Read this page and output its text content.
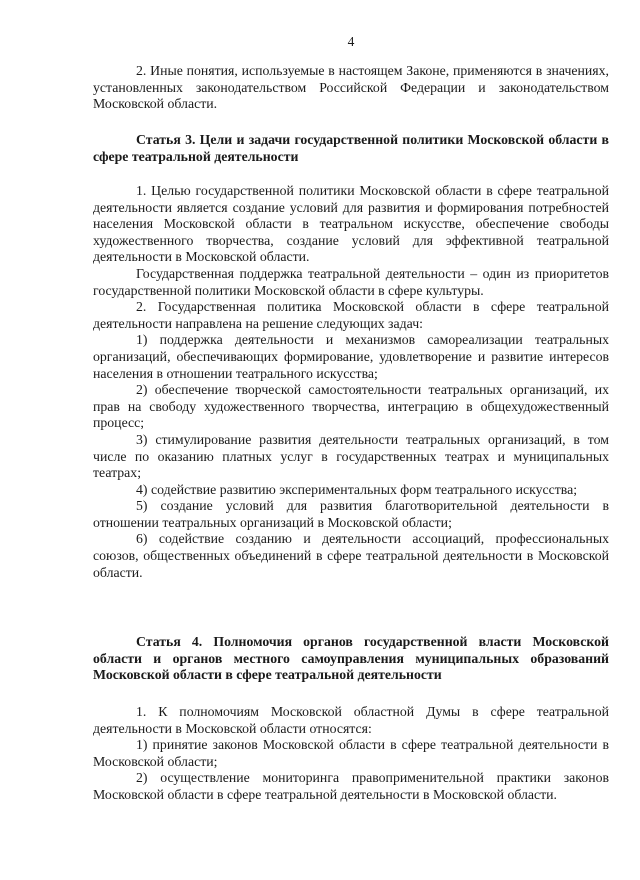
4

2. Иные понятия, используемые в настоящем Законе, применяются в значениях, установленных законодательством Российской Федерации и законодательством Московской области.

Статья 3. Цели и задачи государственной политики Московской области в сфере театральной деятельности

1. Целью государственной политики Московской области в сфере театральной деятельности является создание условий для развития и формирования потребностей населения Московской области в театральном искусстве, обеспечение свободы художественного творчества, создание условий для эффективной театральной деятельности в Московской области.

Государственная поддержка театральной деятельности – один из приоритетов государственной политики Московской области в сфере культуры.

2. Государственная политика Московской области в сфере театральной деятельности направлена на решение следующих задач:

1) поддержка деятельности и механизмов самореализации театральных организаций, обеспечивающих формирование, удовлетворение и развитие интересов населения в отношении театрального искусства;

2) обеспечение творческой самостоятельности театральных организаций, их прав на свободу художественного творчества, интеграцию в общехудожественный процесс;

3) стимулирование развития деятельности театральных организаций, в том числе по оказанию платных услуг в государственных театрах и муниципальных театрах;

4) содействие развитию экспериментальных форм театрального искусства;

5) создание условий для развития благотворительной деятельности в отношении театральных организаций в Московской области;

6) содействие созданию и деятельности ассоциаций, профессиональных союзов, общественных объединений в сфере театральной деятельности в Московской области.

Статья 4. Полномочия органов государственной власти Московской области и органов местного самоуправления муниципальных образований Московской области в сфере театральной деятельности

1. К полномочиям Московской областной Думы в сфере театральной деятельности в Московской области относятся:

1) принятие законов Московской области в сфере театральной деятельности в Московской области;

2) осуществление мониторинга правоприменительной практики законов Московской области в сфере театральной деятельности в Московской области.
